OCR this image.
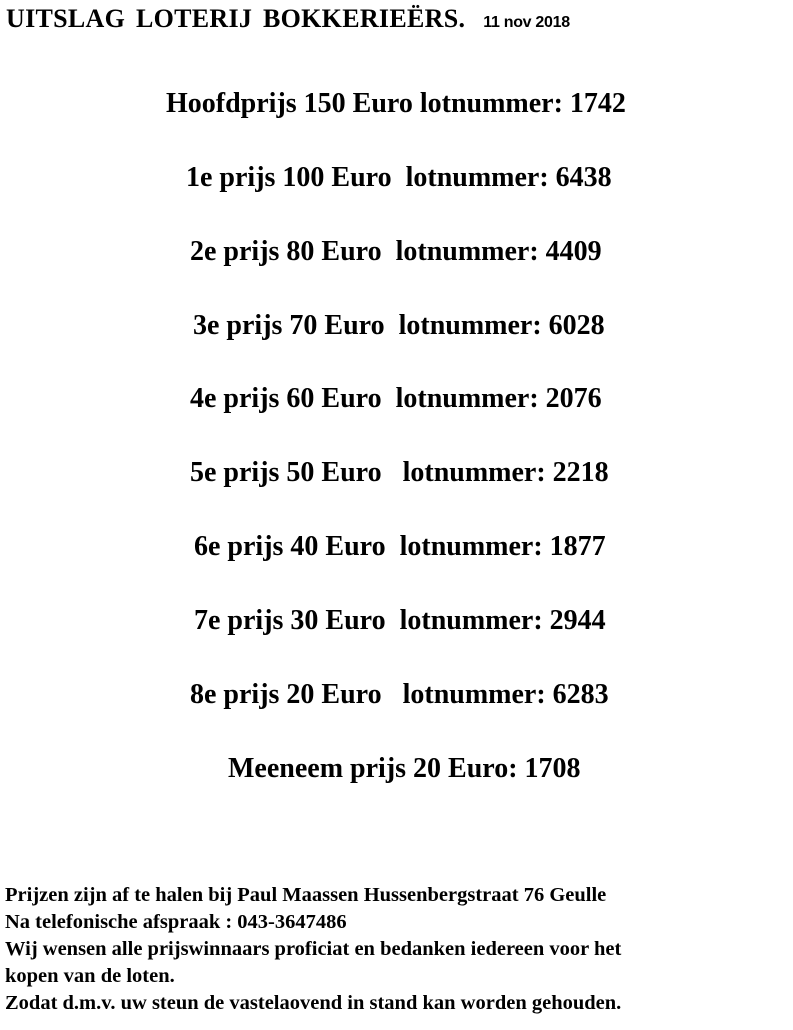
UITSLAG LOTERIJ BOKKERIEËRS. 11 nov 2018
Hoofdprijs 150 Euro lotnummer: 1742
1e prijs 100 Euro  lotnummer: 6438
2e prijs 80 Euro  lotnummer: 4409
3e prijs 70 Euro  lotnummer: 6028
4e prijs 60 Euro  lotnummer: 2076
5e prijs 50 Euro   lotnummer: 2218
6e prijs 40 Euro  lotnummer: 1877
7e prijs 30 Euro  lotnummer: 2944
8e prijs 20 Euro   lotnummer: 6283
Meeneem prijs 20 Euro: 1708
Prijzen zijn af te halen bij Paul Maassen Hussenbergstraat 76 Geulle
Na telefonische afspraak : 043-3647486
Wij wensen alle prijswinnaars proficiat en bedanken iedereen voor het
kopen van de loten.
Zodat d.m.v. uw steun de vastelaovend in stand kan worden gehouden.
